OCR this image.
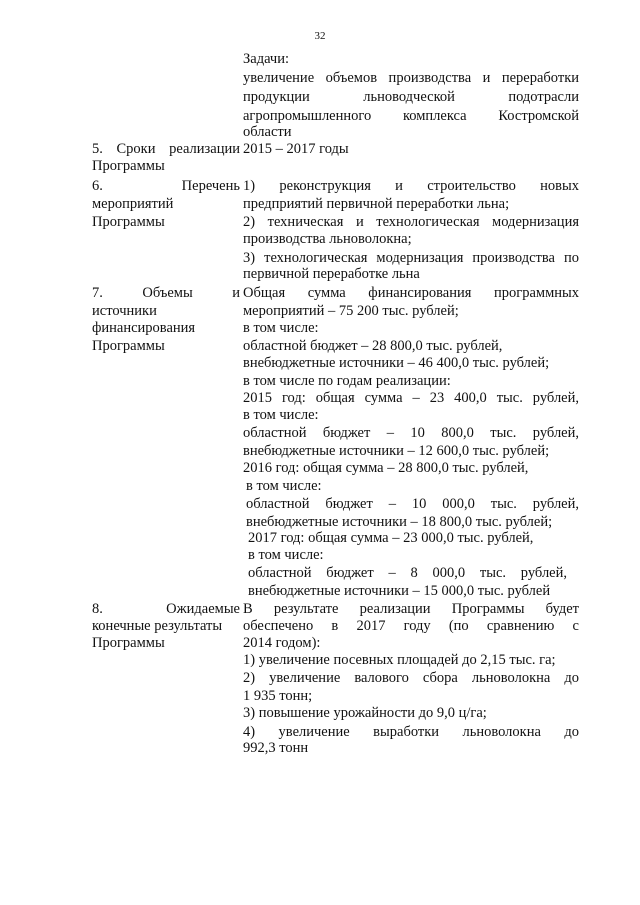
32
Задачи:
увеличение объемов производства и переработки
продукции льноводческой подотрасли
агропромышленного комплекса Костромской
области
5. Сроки реализации
Программы
2015 – 2017 годы
6. Перечень
мероприятий
Программы
1) реконструкция и строительство новых
предприятий первичной переработки льна;
2) техническая и технологическая модернизация
производства льноволокна;
3) технологическая модернизация производства по
первичной переработке льна
7. Объемы и
источники
финансирования
Программы
Общая сумма финансирования программных
мероприятий – 75 200 тыс. рублей;
в том числе:
областной бюджет – 28 800,0 тыс. рублей,
внебюджетные источники – 46 400,0 тыс. рублей;
в том числе по годам реализации:
2015 год: общая сумма – 23 400,0 тыс. рублей,
в том числе:
областной бюджет – 10 800,0 тыс. рублей,
внебюджетные источники – 12 600,0 тыс. рублей;
2016 год: общая сумма – 28 800,0 тыс. рублей,
в том числе:
областной бюджет – 10 000,0 тыс. рублей,
внебюджетные источники – 18 800,0 тыс. рублей;
2017 год: общая сумма – 23 000,0 тыс. рублей,
в том числе:
областной бюджет – 8 000,0 тыс. рублей,
внебюджетные источники – 15 000,0 тыс. рублей
8. Ожидаемые
конечные результаты
Программы
В результате реализации Программы будет
обеспечено в 2017 году (по сравнению с
2014 годом):
1) увеличение посевных площадей до 2,15 тыс. га;
2) увеличение валового сбора льноволокна до
1 935 тонн;
3) повышение урожайности до 9,0 ц/га;
4) увеличение выработки льноволокна до
992,3 тонн
